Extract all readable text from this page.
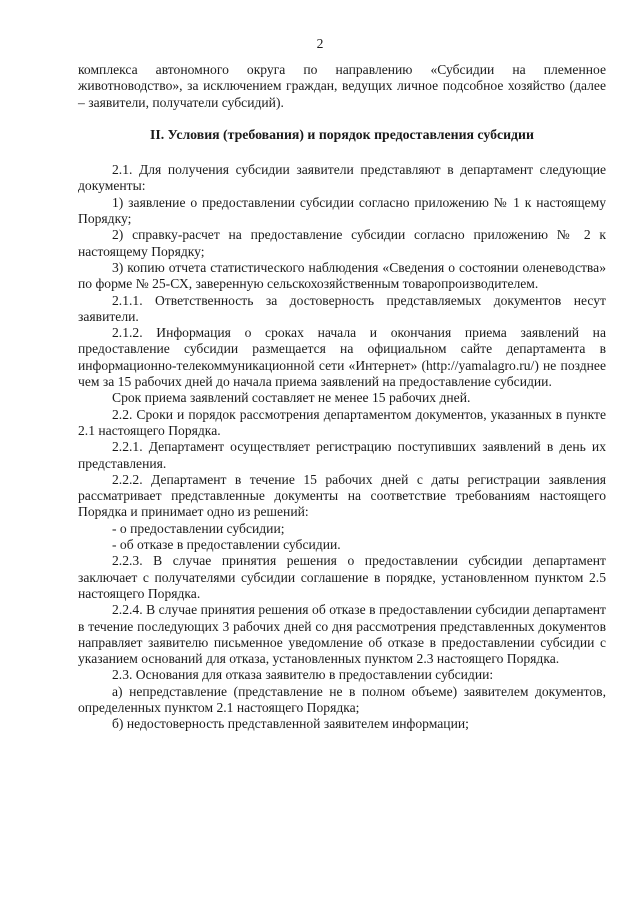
2

комплекса автономного округа по направлению «Субсидии на племенное животноводство», за исключением граждан, ведущих личное подсобное хозяйство (далее – заявители, получатели субсидий).

II. Условия (требования) и порядок предоставления субсидии

2.1. Для получения субсидии заявители представляют в департамент следующие документы:

1) заявление о предоставлении субсидии согласно приложению № 1 к настоящему Порядку;

2) справку-расчет на предоставление субсидии согласно приложению № 2 к настоящему Порядку;

3) копию отчета статистического наблюдения «Сведения о состоянии оленеводства» по форме № 25-СХ, заверенную сельскохозяйственным товаропроизводителем.

2.1.1. Ответственность за достоверность представляемых документов несут заявители.

2.1.2. Информация о сроках начала и окончания приема заявлений на предоставление субсидии размещается на официальном сайте департамента в информационно-телекоммуникационной сети «Интернет» (http://yamalagro.ru/) не позднее чем за 15 рабочих дней до начала приема заявлений на предоставление субсидии.

Срок приема заявлений составляет не менее 15 рабочих дней.

2.2. Сроки и порядок рассмотрения департаментом документов, указанных в пункте 2.1 настоящего Порядка.

2.2.1. Департамент осуществляет регистрацию поступивших заявлений в день их представления.

2.2.2. Департамент в течение 15 рабочих дней с даты регистрации заявления рассматривает представленные документы на соответствие требованиям настоящего Порядка и принимает одно из решений:

- о предоставлении субсидии;

- об отказе в предоставлении субсидии.

2.2.3. В случае принятия решения о предоставлении субсидии департамент заключает с получателями субсидии соглашение в порядке, установленном пунктом 2.5 настоящего Порядка.

2.2.4. В случае принятия решения об отказе в предоставлении субсидии департамент в течение последующих 3 рабочих дней со дня рассмотрения представленных документов направляет заявителю письменное уведомление об отказе в предоставлении субсидии с указанием оснований для отказа, установленных пунктом 2.3 настоящего Порядка.

2.3. Основания для отказа заявителю в предоставлении субсидии:

а) непредставление (представление не в полном объеме) заявителем документов, определенных пунктом 2.1 настоящего Порядка;

б) недостоверность представленной заявителем информации;
